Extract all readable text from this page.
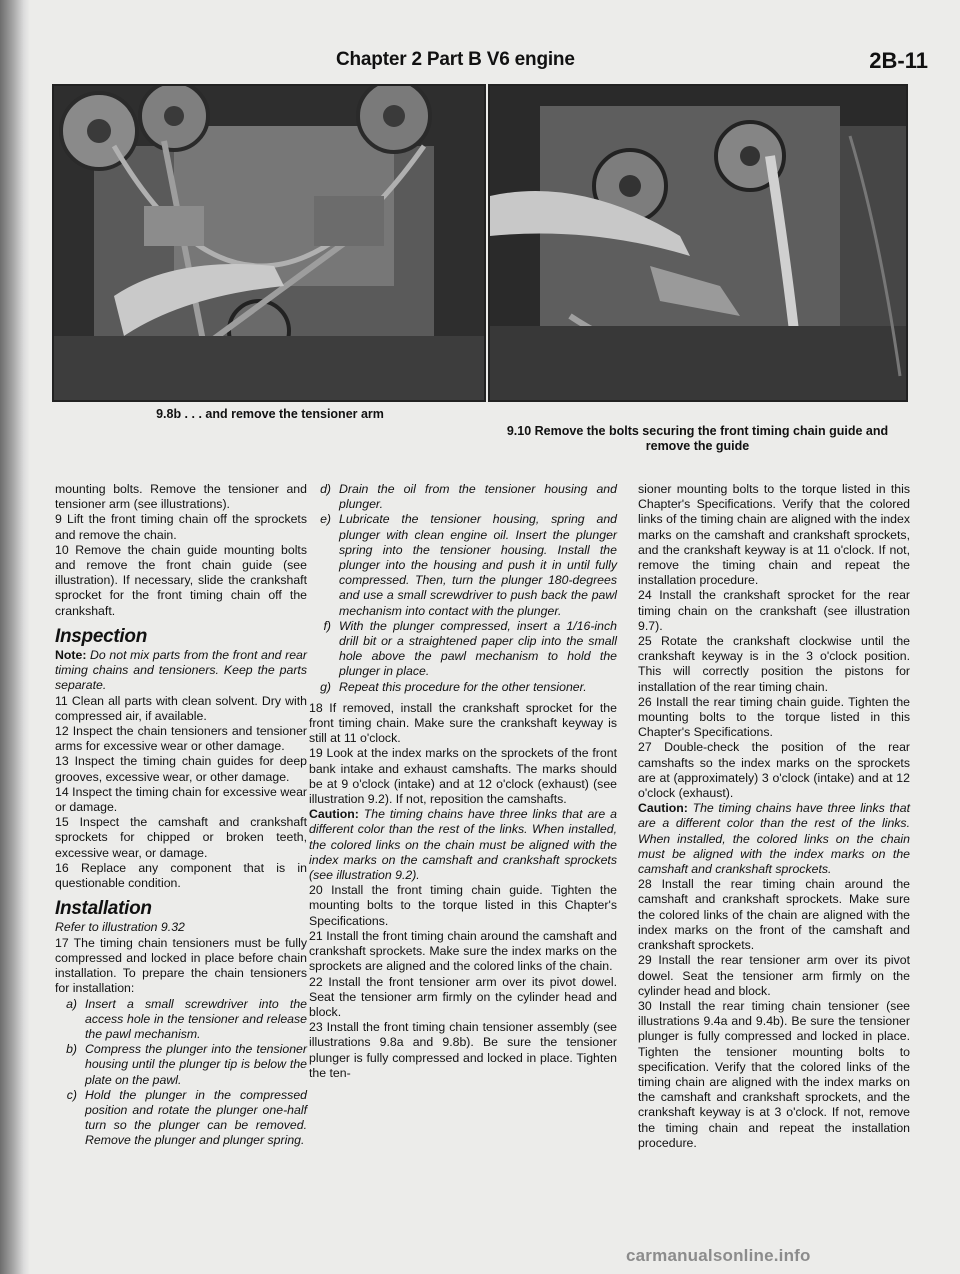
Chapter 2 Part B V6 engine	2B-11
9.8b . . . and remove the tensioner arm
9.10 Remove the bolts securing the front timing chain guide and remove the guide

mounting bolts. Remove the tensioner and tensioner arm (see illustrations).

9 Lift the front timing chain off the sprockets and remove the chain.

10 Remove the chain guide mounting bolts and remove the front chain guide (see illustration). If necessary, slide the crankshaft sprocket for the front timing chain off the crankshaft.

Inspection

Note: Do not mix parts from the front and rear timing chains and tensioners. Keep the parts separate.

11 Clean all parts with clean solvent. Dry with compressed air, if available.

12 Inspect the chain tensioners and tensioner arms for excessive wear or other damage.

13 Inspect the timing chain guides for deep grooves, excessive wear, or other damage.

14 Inspect the timing chain for excessive wear or damage.

15 Inspect the camshaft and crankshaft sprockets for chipped or broken teeth, excessive wear, or damage.

16 Replace any component that is in questionable condition.

Installation

Refer to illustration 9.32

17 The timing chain tensioners must be fully compressed and locked in place before chain installation. To prepare the chain tensioners for installation:

a) Insert a small screwdriver into the access hole in the tensioner and release the pawl mechanism.
b) Compress the plunger into the tensioner housing until the plunger tip is below the plate on the pawl.
c) Hold the plunger in the compressed position and rotate the plunger one-half turn so the plunger can be removed. Remove the plunger and plunger spring.
d) Drain the oil from the tensioner housing and plunger.
e) Lubricate the tensioner housing, spring and plunger with clean engine oil. Insert the plunger spring into the tensioner housing. Install the plunger into the housing and push it in until fully compressed. Then, turn the plunger 180-degrees and use a small screwdriver to push back the pawl mechanism into contact with the plunger.
f) With the plunger compressed, insert a 1/16-inch drill bit or a straightened paper clip into the small hole above the pawl mechanism to hold the plunger in place.
g) Repeat this procedure for the other tensioner.

18 If removed, install the crankshaft sprocket for the front timing chain. Make sure the crankshaft keyway is still at 11 o'clock.

19 Look at the index marks on the sprockets of the front bank intake and exhaust camshafts. The marks should be at 9 o'clock (intake) and at 12 o'clock (exhaust) (see illustration 9.2). If not, reposition the camshafts.

Caution: The timing chains have three links that are a different color than the rest of the links. When installed, the colored links on the chain must be aligned with the index marks on the camshaft and crankshaft sprockets (see illustration 9.2).

20 Install the front timing chain guide. Tighten the mounting bolts to the torque listed in this Chapter's Specifications.

21 Install the front timing chain around the camshaft and crankshaft sprockets. Make sure the index marks on the sprockets are aligned and the colored links of the chain.

22 Install the front tensioner arm over its pivot dowel. Seat the tensioner arm firmly on the cylinder head and block.

23 Install the front timing chain tensioner assembly (see illustrations 9.8a and 9.8b). Be sure the tensioner plunger is fully compressed and locked in place. Tighten the ten-

sioner mounting bolts to the torque listed in this Chapter's Specifications. Verify that the colored links of the timing chain are aligned with the index marks on the camshaft and crankshaft sprockets, and the crankshaft keyway is at 11 o'clock. If not, remove the timing chain and repeat the installation procedure.

24 Install the crankshaft sprocket for the rear timing chain on the crankshaft (see illustration 9.7).

25 Rotate the crankshaft clockwise until the crankshaft keyway is in the 3 o'clock position. This will correctly position the pistons for installation of the rear timing chain.

26 Install the rear timing chain guide. Tighten the mounting bolts to the torque listed in this Chapter's Specifications.

27 Double-check the position of the rear camshafts so the index marks on the sprockets are at (approximately) 3 o'clock (intake) and at 12 o'clock (exhaust).

Caution: The timing chains have three links that are a different color than the rest of the links. When installed, the colored links on the chain must be aligned with the index marks on the camshaft and crankshaft sprockets.

28 Install the rear timing chain around the camshaft and crankshaft sprockets. Make sure the colored links of the chain are aligned with the index marks on the front of the camshaft and crankshaft sprockets.

29 Install the rear tensioner arm over its pivot dowel. Seat the tensioner arm firmly on the cylinder head and block.

30 Install the rear timing chain tensioner (see illustrations 9.4a and 9.4b). Be sure the tensioner plunger is fully compressed and locked in place. Tighten the tensioner mounting bolts to specification. Verify that the colored links of the timing chain are aligned with the index marks on the camshaft and crankshaft sprockets, and the crankshaft keyway is at 3 o'clock. If not, remove the timing chain and repeat the installation procedure.

carmanualsonline.info
